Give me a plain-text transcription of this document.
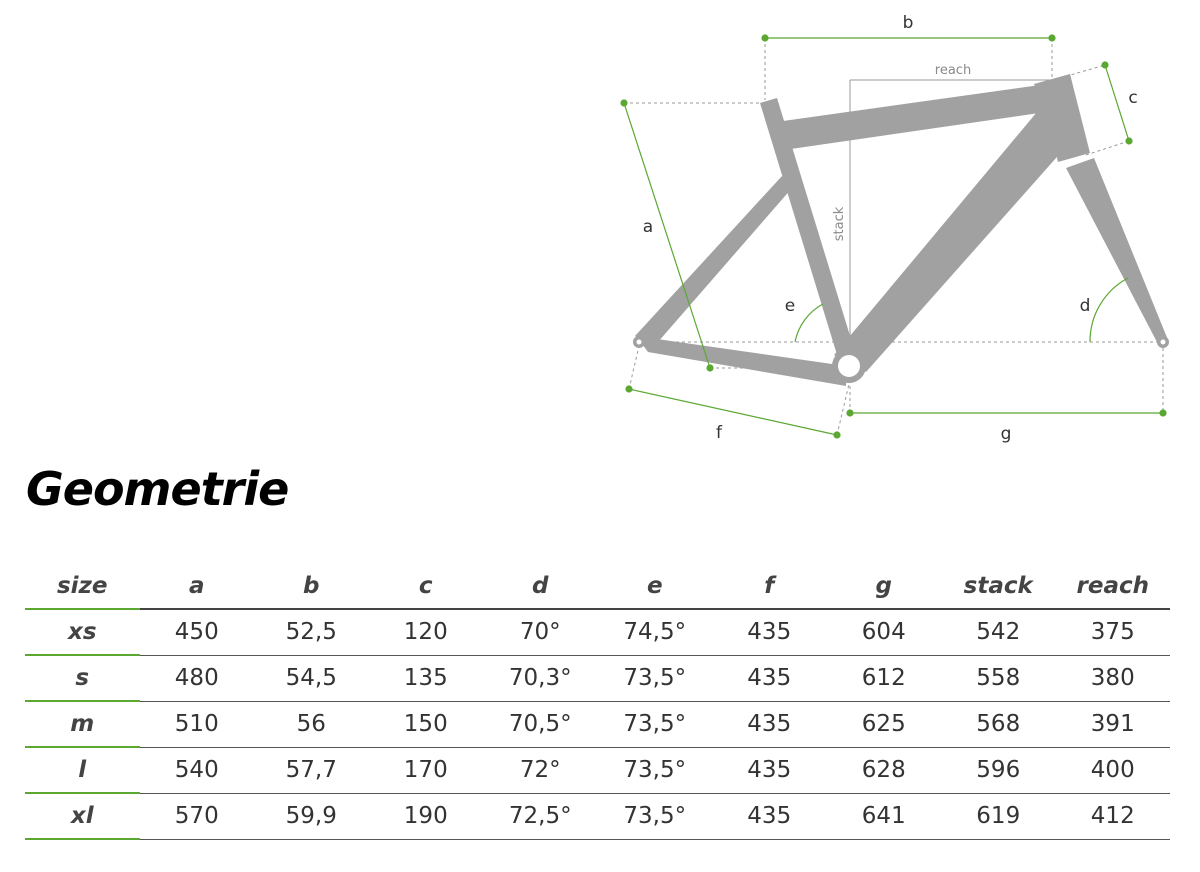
b
a
c
d
e
f	g
reach
stack
Geometrie
size	a	b	c	d	e	f	g	stack	reach
xs	450	52,5	120	70°	74,5°	435	604	542	375
s	480	54,5	135	70,3°	73,5°	435	612	558	380
m	510	56	150	70,5°	73,5°	435	625	568	391
l	540	57,7	170	72°	73,5°	435	628	596	400
xl	570	59,9	190	72,5°	73,5°	435	641	619	412
